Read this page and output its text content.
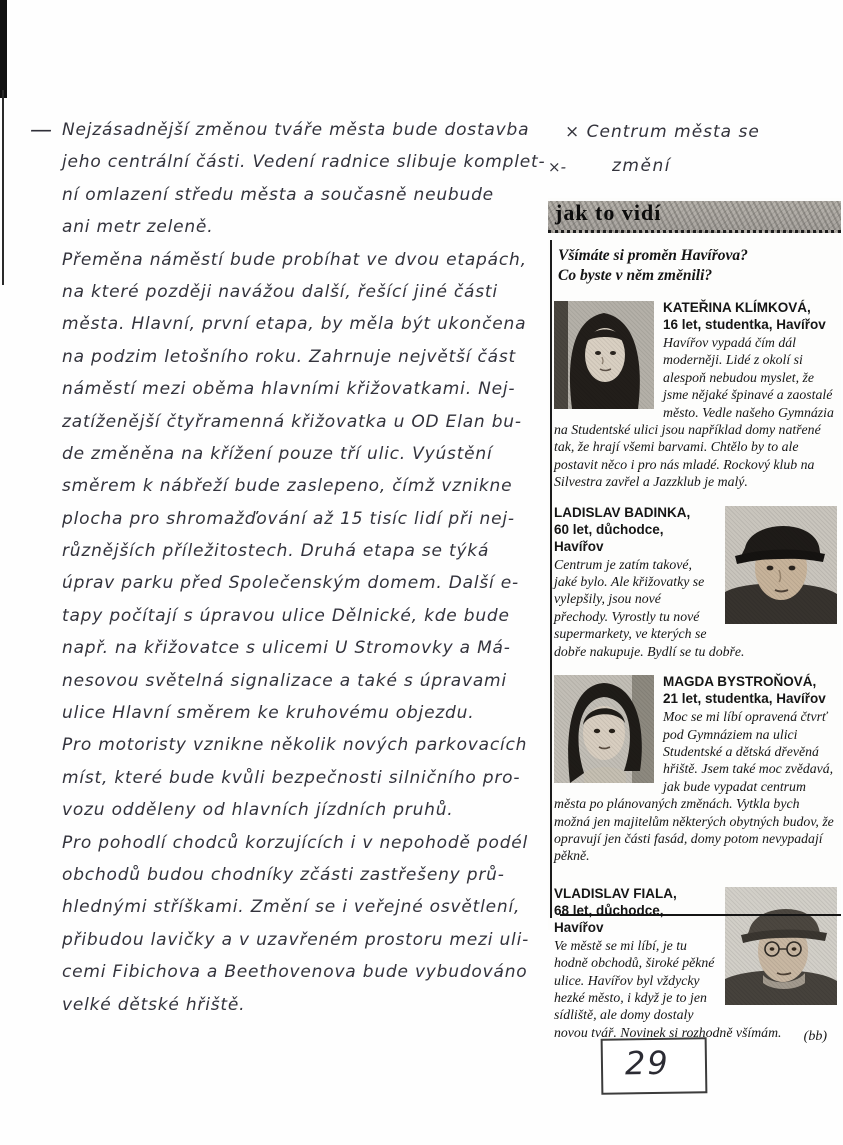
—	× Centrum města se
×-	změní
Nejzásadnější změnou tváře města bude dostavba
jeho centrální části. Vedení radnice slibuje komplet-
ní omlazení středu města a současně neubude
ani metr zeleně.
Přeměna náměstí bude probíhat ve dvou etapách,
na které později navážou další, řešící jiné části
města. Hlavní, první etapa, by měla být ukončena
na podzim letošního roku. Zahrnuje největší část
náměstí mezi oběma hlavními křižovatkami. Nej-
zatíženější čtyřramenná křižovatka u OD Elan bu-
de změněna na křížení pouze tří ulic. Vyústění
směrem k nábřeží bude zaslepeno, čímž vznikne
plocha pro shromažďování až 15 tisíc lidí při nej-
různějších příležitostech. Druhá etapa se týká
úprav parku před Společenským domem. Další e-
tapy počítají s úpravou ulice Dělnické, kde bude
např. na křižovatce s ulicemi U Stromovky a Má-
nesovou světelná signalizace a také s úpravami
ulice Hlavní směrem ke kruhovému objezdu.
Pro motoristy vznikne několik nových parkovacích
míst, které bude kvůli bezpečnosti silničního pro-
vozu odděleny od hlavních jízdních pruhů.
Pro pohodlí chodců korzujících i v nepohodě podél
obchodů budou chodníky zčásti zastřešeny prů-
hlednými stříškami. Změní se i veřejné osvětlení,
přibudou lavičky a v uzavřeném prostoru mezi uli-
cemi Fibichova a Beethovenova bude vybudováno
velké dětské hřiště.
jak to vidí
Všímáte si proměn Havířova?
Co byste v něm změnili?
KATEŘINA KLÍMKOVÁ,
16 let, studentka, Havířov
Havířov vypadá čím dál moderněji. Lidé z okolí si alespoň nebudou myslet, že jsme nějaké špinavé a zaostalé město. Vedle našeho Gymnázia na Studentské ulici jsou například domy natřené tak, že hrají všemi barvami. Chtělo by to ale postavit něco i pro nás mladé. Rockový klub na Silvestra zavřel a Jazzklub je malý.
LADISLAV BADINKA,
60 let, důchodce, Havířov
Centrum je zatím takové, jaké bylo. Ale křižovatky se vylepšily, jsou nové přechody. Vyrostly tu nové supermarkety, ve kterých se dobře nakupuje. Bydlí se tu dobře.
MAGDA BYSTROŇOVÁ,
21 let, studentka, Havířov
Moc se mi líbí opravená čtvrť pod Gymnáziem na ulici Studentské a dětská dřevěná hřiště. Jsem také moc zvědavá, jak bude vypadat centrum města po plánovaných změnách. Vytkla bych možná jen majitelům některých obytných budov, že opravují jen části fasád, domy potom nevypadají pěkně.
VLADISLAV FIALA,
68 let, důchodce, Havířov
Ve městě se mi líbí, je tu hodně obchodů, široké pěkné ulice. Havířov byl vždycky hezké město, i když je to jen sídliště, ale domy dostaly novou tvář. Novinek si rozhodně všímám.	(bb)
29
